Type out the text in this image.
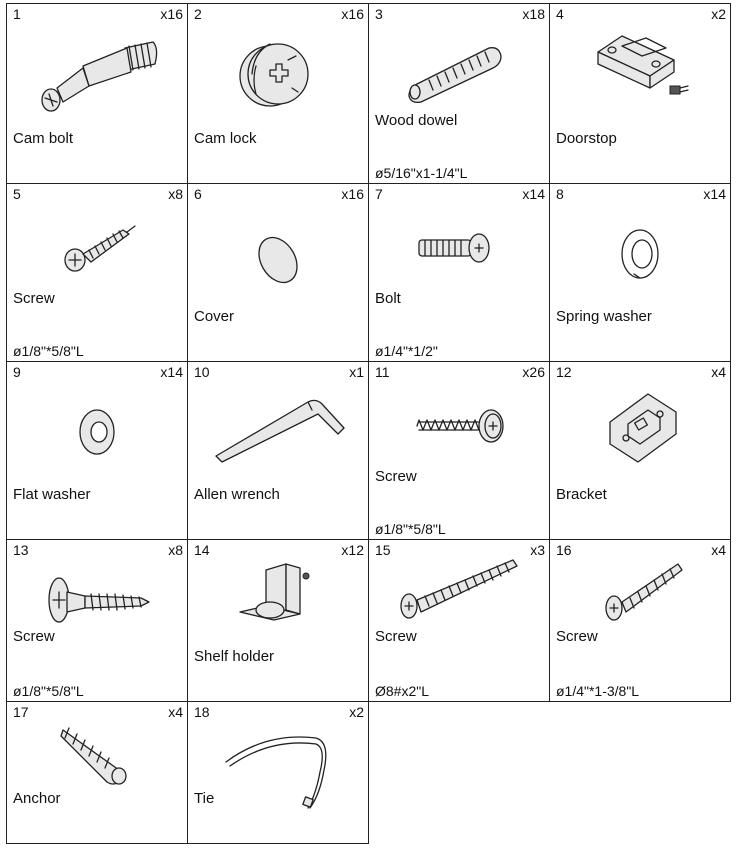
1	x16
Cam bolt
2	x16
Cam lock
3	x18
Wood dowel
ø5/16"x1-1/4"L
4	x2
Doorstop
5	x8
Screw
ø1/8"*5/8"L
6	x16
Cover
7	x14
Bolt
ø1/4"*1/2"
8	x14
Spring washer
9	x14
Flat washer
10	x1
Allen wrench
11	x26
Screw
ø1/8"*5/8"L
12	x4
Bracket
13	x8
Screw
ø1/8"*5/8"L
14	x12
Shelf holder
15	x3
Screw
Ø8#x2"L
16	x4
Screw
ø1/4"*1-3/8"L
17	x4
Anchor
18	x2
Tie
